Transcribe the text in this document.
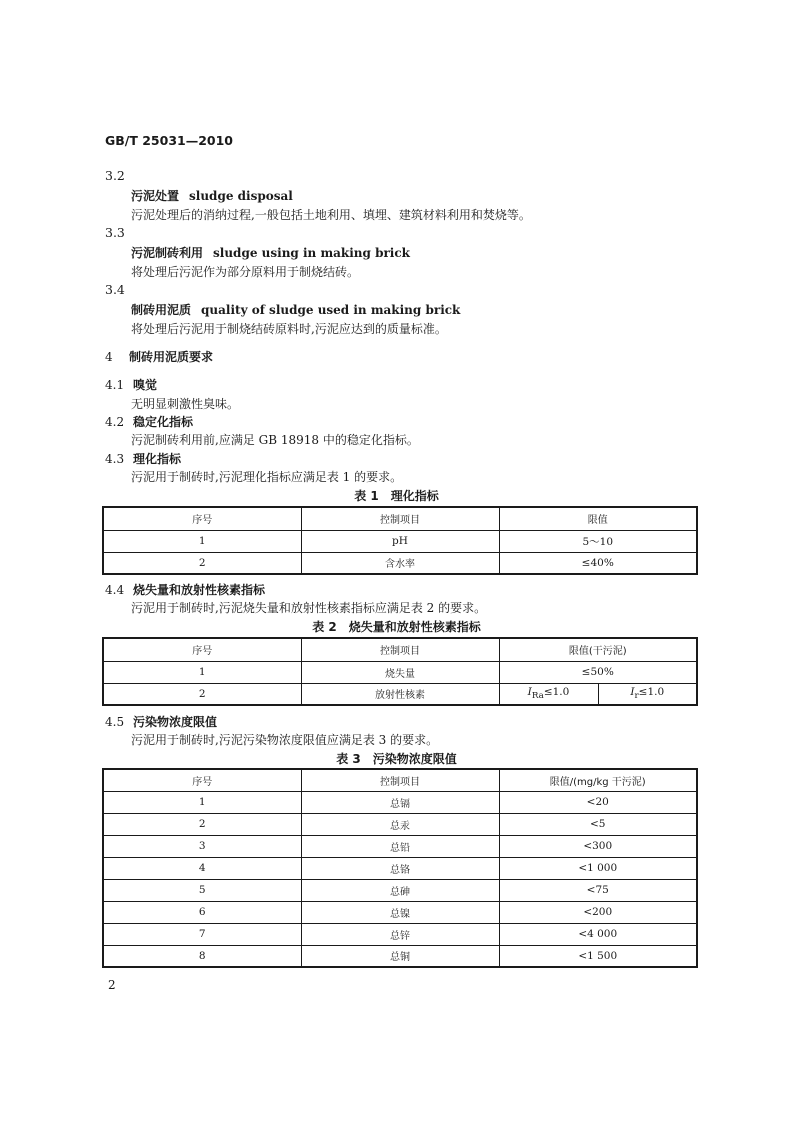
GB/T 25031—2010
3.2
污泥处置 sludge disposal
污泥处理后的消纳过程,一般包括土地利用、填埋、建筑材料利用和焚烧等。
3.3
污泥制砖利用 sludge using in making brick
将处理后污泥作为部分原料用于制烧结砖。
3.4
制砖用泥质 quality of sludge used in making brick
将处理后污泥用于制烧结砖原料时,污泥应达到的质量标准。
4 制砖用泥质要求
4.1 嗅觉
无明显刺激性臭味。
4.2 稳定化指标
污泥制砖利用前,应满足 GB 18918 中的稳定化指标。
4.3 理化指标
污泥用于制砖时,污泥理化指标应满足表 1 的要求。
表 1　理化指标
序号	控制项目	限值
1	pH	5～10
2	含水率	≤40%
4.4 烧失量和放射性核素指标
污泥用于制砖时,污泥烧失量和放射性核素指标应满足表 2 的要求。
表 2　烧失量和放射性核素指标
序号	控制项目	限值(干污泥)	
1	烧失量	≤50%	
2	放射性核素	$I_{Ra}\le 1.0$	$I_r\le 1.0$
4.5 污染物浓度限值
污泥用于制砖时,污泥污染物浓度限值应满足表 3 的要求。
表 3　污染物浓度限值
序号	控制项目	限值/(mg/kg 干污泥)
1	总镉	<20
2	总汞	<5
3	总铅	<300
4	总铬	<1 000
5	总砷	<75
6	总镍	<200
7	总锌	<4 000
8	总铜	<1 500
2
